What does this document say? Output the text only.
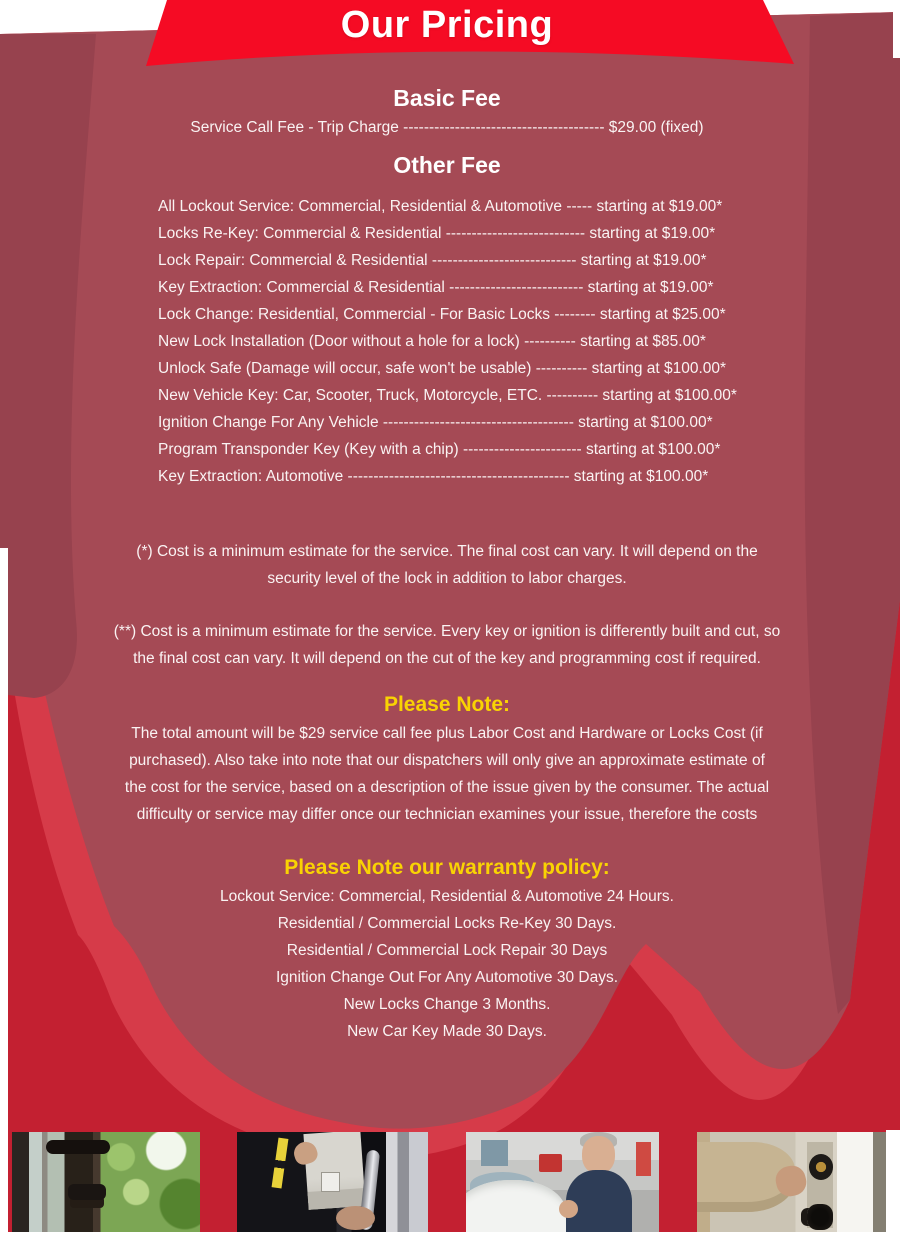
Our Pricing
Basic Fee
Service Call Fee - Trip Charge --------------------------------------- $29.00 (fixed)
Other Fee
All Lockout Service: Commercial, Residential & Automotive ----- starting at $19.00*
Locks Re-Key: Commercial & Residential --------------------------- starting at $19.00*
Lock Repair: Commercial & Residential ---------------------------- starting at $19.00*
Key Extraction: Commercial & Residential -------------------------- starting at $19.00*
Lock Change: Residential, Commercial - For Basic Locks -------- starting at $25.00*
New Lock Installation (Door without a hole for a lock) ---------- starting at $85.00*
Unlock Safe (Damage will occur, safe won't be usable) ---------- starting at $100.00*
New Vehicle Key: Car, Scooter, Truck, Motorcycle, ETC. ---------- starting at $100.00*
Ignition Change For Any Vehicle ------------------------------------- starting at $100.00*
Program Transponder Key (Key with a chip) ----------------------- starting at $100.00*
Key Extraction: Automotive ------------------------------------------- starting at $100.00*
(*) Cost is a minimum estimate for the service. The final cost can vary. It will depend on the
security level of the lock in addition to labor charges.
(**) Cost is a minimum estimate for the service. Every key or ignition is differently built and cut, so
the final cost can vary. It will depend on the cut of the key and programming cost if required.
Please Note:
The total amount will be $29 service call fee plus Labor Cost and Hardware or Locks Cost (if
purchased). Also take into note that our dispatchers will only give an approximate estimate of
the cost for the service, based on a description of the issue given by the consumer. The actual
difficulty or service may differ once our technician examines your issue, therefore the costs
Please Note our warranty policy:
Lockout Service: Commercial, Residential & Automotive 24 Hours.
Residential / Commercial Locks Re-Key 30 Days.
Residential / Commercial Lock Repair 30 Days
Ignition Change Out For Any Automotive 30 Days.
New Locks Change 3 Months.
New Car Key Made 30 Days.
